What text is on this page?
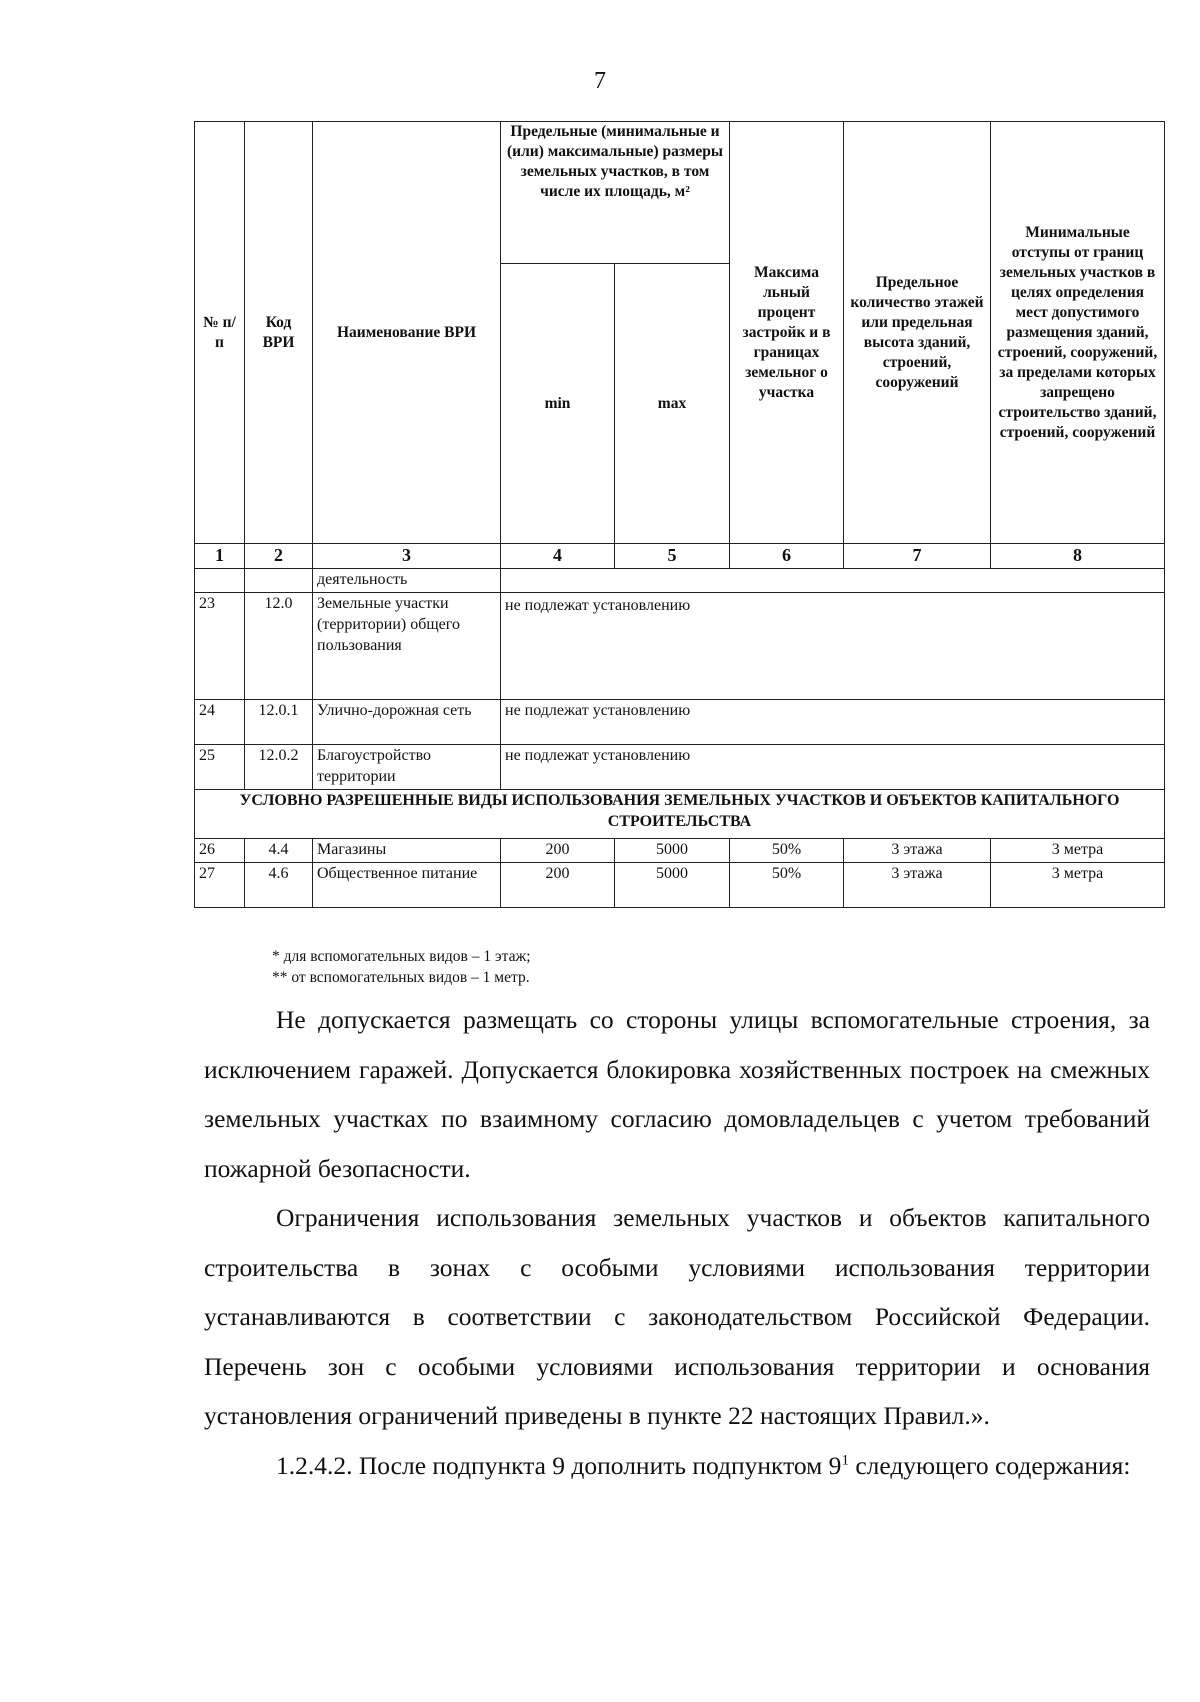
7
№ п/п	Код ВРИ	Наименование ВРИ	Предельные (минимальные и (или) максимальные) размеры земельных участков, в том числе их площадь, м²		Максима льный процент застройк и в границах земельног о участка	Предельное количество этажей или предельная высота зданий, строений, сооружений	Минимальные отступы от границ земельных участков в целях определения мест допустимого размещения зданий, строений, сооружений, за пределами которых запрещено строительство зданий, строений, сооружений
			min	max			
1	2	3	4	5	6	7	8
		деятельность					
23	12.0	Земельные участки (территории) общего пользования	не подлежат установлению				
24	12.0.1	Улично-дорожная сеть	не подлежат установлению				
25	12.0.2	Благоустройство территории	не подлежат установлению				
УСЛОВНО РАЗРЕШЕННЫЕ ВИДЫ ИСПОЛЬЗОВАНИЯ ЗЕМЕЛЬНЫХ УЧАСТКОВ И ОБЪЕКТОВ КАПИТАЛЬНОГО СТРОИТЕЛЬСТВА							
26	4.4	Магазины	200	5000	50%	3 этажа	3 метра
27	4.6	Общественное питание	200	5000	50%	3 этажа	3 метра
* для вспомогательных видов – 1 этаж;
** от вспомогательных видов – 1 метр.

Не допускается размещать со стороны улицы вспомогательные строения, за исключением гаражей. Допускается блокировка хозяйственных построек на смежных земельных участках по взаимному согласию домовладельцев с учетом требований пожарной безопасности.

Ограничения использования земельных участков и объектов капитального строительства в зонах с особыми условиями использования территории устанавливаются в соответствии с законодательством Российской Федерации. Перечень зон с особыми условиями использования территории и основания установления ограничений приведены в пункте 22 настоящих Правил.».

1.2.4.2. После подпункта 9 дополнить подпунктом $9^1$ следующего содержания:
